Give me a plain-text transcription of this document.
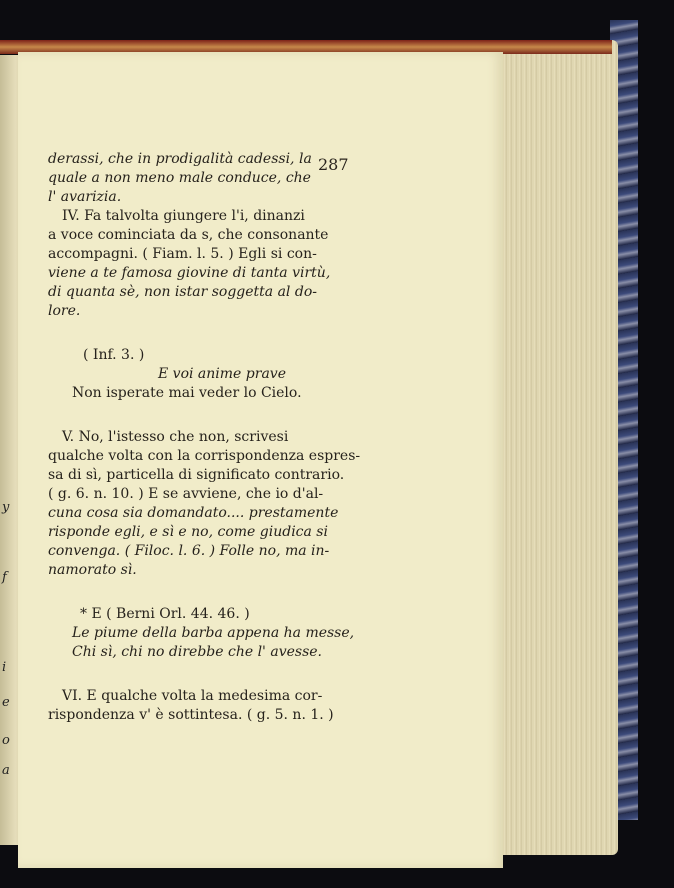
y
f
i
e
o
a
287
derassi, che in prodigalità cadessi, la
quale a non meno male conduce, che
l' avarizia.
IV. Fa talvolta giungere l'i, dinanzi
a voce cominciata da s, che consonante
accompagni. ( Fiam. l. 5. ) Egli si con-
viene a te famosa giovine di tanta virtù,
di quanta sè, non istar soggetta al do-
lore.
( Inf. 3. )
E voi anime prave
Non isperate mai veder lo Cielo.
V. No, l'istesso che non, scrivesi
qualche volta con la corrispondenza espres-
sa di sì, particella di significato contrario.
( g. 6. n. 10. ) E se avviene, che io d'al-
cuna cosa sia domandato.... prestamente
risponde egli, e sì e no, come giudica si
convenga. ( Filoc. l. 6. ) Folle no, ma in-
namorato sì.
* E ( Berni Orl. 44. 46. )
Le piume della barba appena ha messe,
Chi sì, chi no direbbe che l' avesse.
VI. E qualche volta la medesima cor-
rispondenza v' è sottintesa. ( g. 5. n. 1. )
